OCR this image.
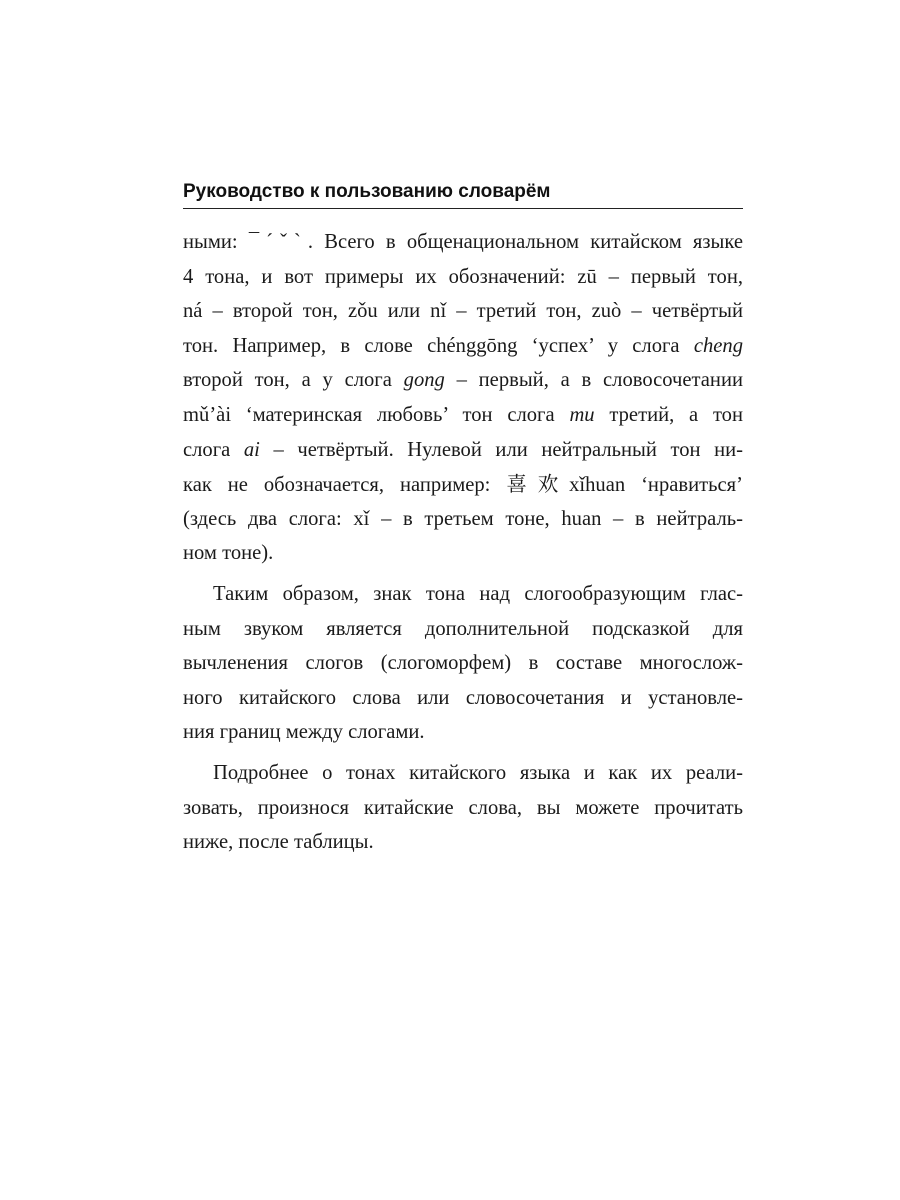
Руководство к пользованию словарём
ными: ¯ˊˇˋ. Всего в общенациональном китайском языке
4 тона, и вот примеры их обозначений: zū – первый тон,
ná – второй тон, zǒu или nǐ – третий тон, zuò – четвёртый
тон. Например, в слове chénggōng ‘успех’ у слога cheng
второй тон, а у слога gong – первый, а в словосочетании
mǔ’ài ‘материнская любовь’ тон слога mu третий, а тон
слога ai – четвёртый. Нулевой или нейтральный тон ни-
как не обозначается, например: 喜欢xǐhuan ‘нравиться’
(здесь два слога: xǐ – в третьем тоне, huan – в нейтраль-
ном тоне).
Таким образом, знак тона над слогообразующим глас-
ным звуком является дополнительной подсказкой для
вычленения слогов (слогоморфем) в составе многослож-
ного китайского слова или словосочетания и установле-
ния границ между слогами.
Подробнее о тонах китайского языка и как их реали-
зовать, произнося китайские слова, вы можете прочитать
ниже, после таблицы.
